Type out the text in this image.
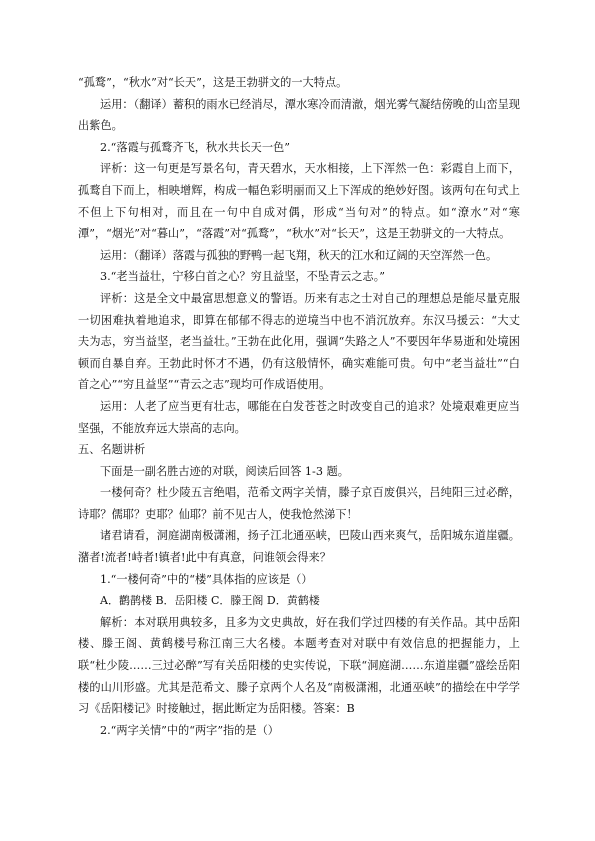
“孤鹜”，“秋水”对“长天”，这是王勃骈文的一大特点。

运用：（翻译）蓄积的雨水已经消尽，潭水寒冷而清澈，烟光雾气凝结傍晚的山峦呈现出紫色。

2.“落霞与孤鹜齐飞，秋水共长天一色”

评析：这一句更是写景名句，青天碧水，天水相接，上下浑然一色：彩霞自上而下，孤鹜自下而上，相映增辉，构成一幅色彩明丽而又上下浑成的绝妙好图。该两句在句式上不但上下句相对，而且在一句中自成对偶，形成“当句对”的特点。如“潦水”对“寒潭”，“烟光”对“暮山”，“落霞”对“孤鹜”，“秋水”对“长天”，这是王勃骈文的一大特点。

运用：（翻译）落霞与孤独的野鸭一起飞翔，秋天的江水和辽阔的天空浑然一色。

3.“老当益壮，宁移白首之心？穷且益坚，不坠青云之志。”

评析：这是全文中最富思想意义的警语。历来有志之士对自己的理想总是能尽量克服一切困难执着地追求，即算在郁郁不得志的逆境当中也不消沉放弃。东汉马援云：“大丈夫为志，穷当益坚，老当益壮。”王勃在此化用，强调“失路之人”不要因年华易逝和处境困顿而自暴自弃。王勃此时怀才不遇，仍有这般情怀，确实难能可贵。句中“老当益壮”“白首之心”“穷且益坚”“青云之志”现均可作成语使用。

运用：人老了应当更有壮志，哪能在白发苍苍之时改变自己的追求？处境艰难更应当坚强，不能放弃远大崇高的志向。

五、名题讲析

下面是一副名胜古迹的对联，阅读后回答 1-3 题。

一楼何奇？杜少陵五言绝唱，范希文两字关情，滕子京百废俱兴，吕纯阳三过必醉，诗耶？儒耶？吏耶？仙耶？前不见古人，使我怆然涕下！

诸君请看，洞庭湖南极潇湘，扬子江北通巫峡，巴陵山西来爽气，岳阳城东道崖疆。潴者!流者!峙者!镇者!此中有真意，问谁领会得来？

1.“一楼何奇”中的“楼”具体指的应该是（）

A．鹳鹊楼 B．岳阳楼 C．滕王阁 D．黄鹤楼

解析：本对联用典较多，且多为文史典故，好在我们学过四楼的有关作品。其中岳阳楼、滕王阁、黄鹤楼号称江南三大名楼。本题考查对对联中有效信息的把握能力，上联“杜少陵……三过必醉”写有关岳阳楼的史实传说，下联“洞庭湖……东道崖疆”盛绘岳阳楼的山川形盛。尤其是范希文、滕子京两个人名及“南极潇湘，北通巫峡”的描绘在中学学习《岳阳楼记》时接触过，据此断定为岳阳楼。答案：B

2.“两字关情”中的“两字”指的是（）
